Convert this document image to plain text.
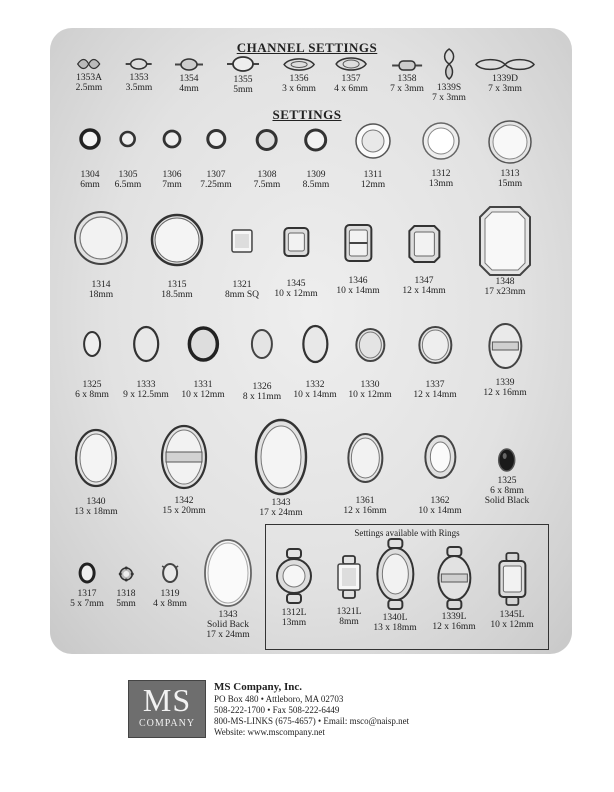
CHANNEL SETTINGS
1353A
2.5mm
1353
3.5mm
1354
4mm
1355
5mm
1356
3 x 6mm
1357
4 x 6mm
1358
7 x 3mm	1339S
7 x 3mm
1339D
7 x 3mm
SETTINGS
1304
6mm
1305
6.5mm
1306
7mm
1307
7.25mm
1308
7.5mm
1309
8.5mm
1311
12mm
1312
13mm
1313
15mm
1314
18mm
1315
18.5mm
1321
8mm SQ
1345
10 x 12mm
1346
10 x 14mm
1347
12 x 14mm
1348
17 x23mm
1325
6 x 8mm
1333
9 x 12.5mm
1331
10 x 12mm
1326
8 x 11mm
1332
10 x 14mm
1330
10 x 12mm
1337
12 x 14mm
1339
12 x 16mm
1340
13 x 18mm
1342
15 x 20mm
1343
17 x 24mm
1361
12 x 16mm
1362
10 x 14mm
1325
6 x 8mm
Solid Black
1317
5 x 7mm
1318
5mm
1319
4 x 8mm
1343
Solid Back
17 x 24mm
Settings available with Rings
1312L
13mm
1321L
8mm	1340L
13 x 18mm
1339L
12 x 16mm
1345L
10 x 12mm
MS
COMPANY
MS Company, Inc.
PO Box 480 • Attleboro, MA 02703
508-222-1700 • Fax 508-222-6449
800-MS-LINKS (675-4657) • Email: msco@naisp.net
Website: www.mscompany.net
